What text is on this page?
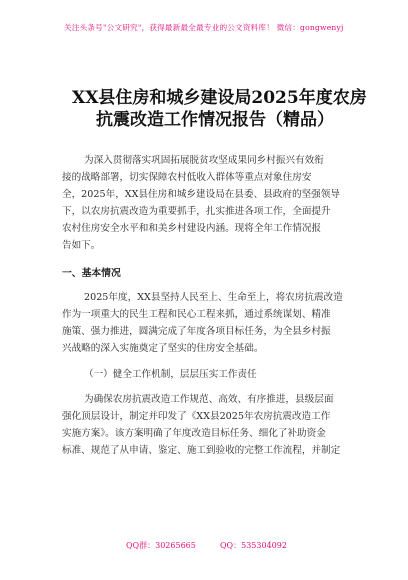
关注头条号"公文研究"，获得最新最全最专业的公文资料库！ 微信：gongwenyj
XX县住房和城乡建设局2025年度农房
抗震改造工作情况报告（精品）
为深入贯彻落实巩固拓展脱贫攻坚成果同乡村振兴有效衔
接的战略部署，切实保障农村低收入群体等重点对象住房安
全，2025年，XX县住房和城乡建设局在县委、县政府的坚强领导
下，以农房抗震改造为重要抓手，扎实推进各项工作，全面提升
农村住房安全水平和和美乡村建设内涵。现将全年工作情况报
告如下。
一、基本情况
2025年度，XX县坚持人民至上、生命至上，将农房抗震改造
作为一项重大的民生工程和民心工程来抓，通过系统谋划、精准
施策、强力推进，圆满完成了年度各项目标任务，为全县乡村振
兴战略的深入实施奠定了坚实的住房安全基础。
（一）健全工作机制，层层压实工作责任
为确保农房抗震改造工作规范、高效、有序推进，县级层面
强化顶层设计，制定并印发了《XX县2025年农房抗震改造工作
实施方案》。该方案明确了年度改造目标任务、细化了补助资金
标准、规范了从申请、鉴定、施工到验收的完整工作流程，并制定
QQ群：30265665	QQ：535304092
